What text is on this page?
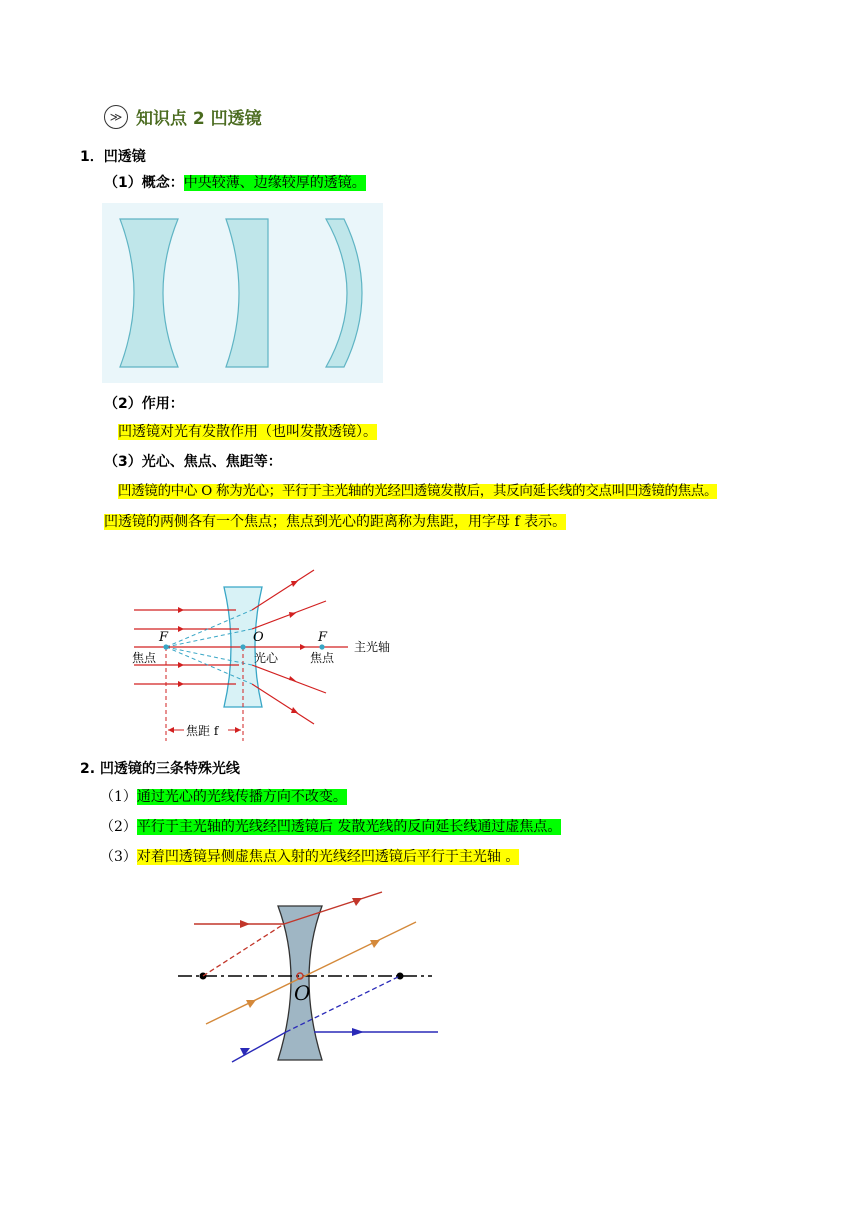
≫ 知识点 2 凹透镜
1．凹透镜
（1）概念：中央较薄、边缘较厚的透镜。
（2）作用：
凹透镜对光有发散作用（也叫发散透镜）。
（3）光心、焦点、焦距等：
凹透镜的中心 O 称为光心；平行于主光轴的光经凹透镜发散后，其反向延长线的交点叫凹透镜的焦点。
凹透镜的两侧各有一个焦点；焦点到光心的距离称为焦距，用字母 f 表示。
F
焦点
O
光心
F
焦点
主光轴
焦距 f
2. 凹透镜的三条特殊光线
（1）通过光心的光线传播方向不改变。
（2）平行于主光轴的光线经凹透镜后 发散光线的反向延长线通过虚焦点。
（3）对着凹透镜异侧虚焦点入射的光线经凹透镜后平行于主光轴 。
O
